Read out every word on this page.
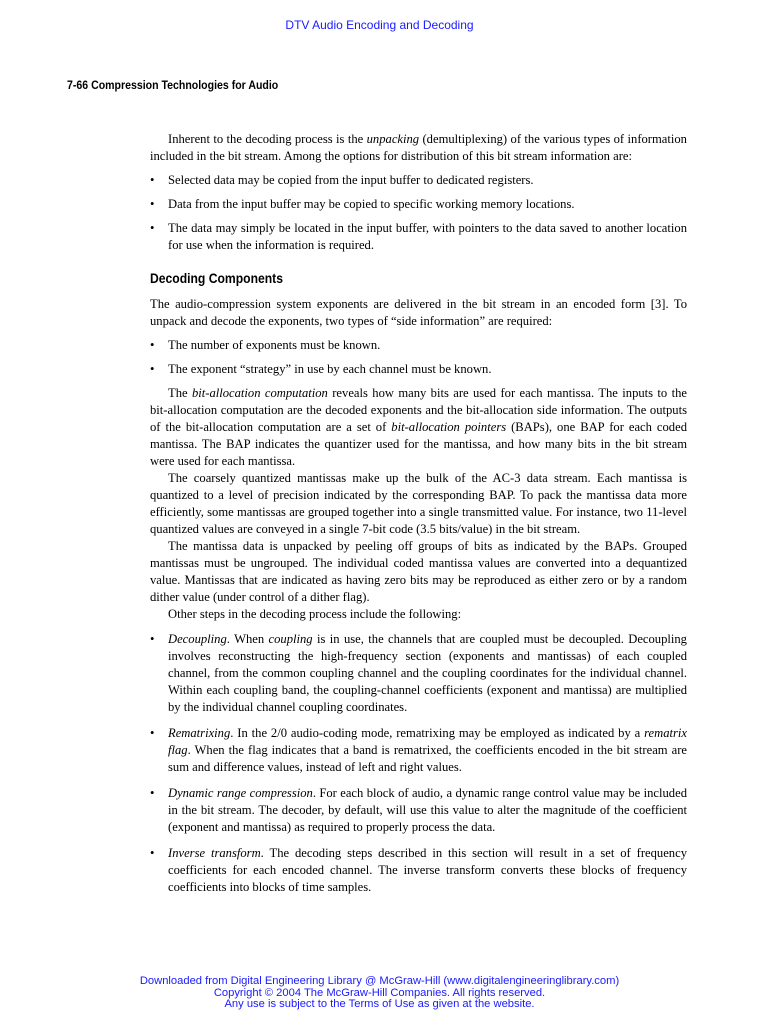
DTV Audio Encoding and Decoding
7-66 Compression Technologies for Audio

Inherent to the decoding process is the unpacking (demultiplexing) of the various types of information included in the bit stream. Among the options for distribution of this bit stream information are:

• Selected data may be copied from the input buffer to dedicated registers.
• Data from the input buffer may be copied to specific working memory locations.
• The data may simply be located in the input buffer, with pointers to the data saved to another location for use when the information is required.
Decoding Components

The audio-compression system exponents are delivered in the bit stream in an encoded form [3]. To unpack and decode the exponents, two types of “side information” are required:

• The number of exponents must be known.
• The exponent “strategy” in use by each channel must be known.

The bit-allocation computation reveals how many bits are used for each mantissa. The inputs to the bit-allocation computation are the decoded exponents and the bit-allocation side information. The outputs of the bit-allocation computation are a set of bit-allocation pointers (BAPs), one BAP for each coded mantissa. The BAP indicates the quantizer used for the mantissa, and how many bits in the bit stream were used for each mantissa.

The coarsely quantized mantissas make up the bulk of the AC-3 data stream. Each mantissa is quantized to a level of precision indicated by the corresponding BAP. To pack the mantissa data more efficiently, some mantissas are grouped together into a single transmitted value. For instance, two 11-level quantized values are conveyed in a single 7-bit code (3.5 bits/value) in the bit stream.

The mantissa data is unpacked by peeling off groups of bits as indicated by the BAPs. Grouped mantissas must be ungrouped. The individual coded mantissa values are converted into a dequantized value. Mantissas that are indicated as having zero bits may be reproduced as either zero or by a random dither value (under control of a dither flag).

Other steps in the decoding process include the following:

• Decoupling. When coupling is in use, the channels that are coupled must be decoupled. Decoupling involves reconstructing the high-frequency section (exponents and mantissas) of each coupled channel, from the common coupling channel and the coupling coordinates for the individual channel. Within each coupling band, the coupling-channel coefficients (exponent and mantissa) are multiplied by the individual channel coupling coordinates.
• Rematrixing. In the 2/0 audio-coding mode, rematrixing may be employed as indicated by a rematrix flag. When the flag indicates that a band is rematrixed, the coefficients encoded in the bit stream are sum and difference values, instead of left and right values.
• Dynamic range compression. For each block of audio, a dynamic range control value may be included in the bit stream. The decoder, by default, will use this value to alter the magnitude of the coefficient (exponent and mantissa) as required to properly process the data.
• Inverse transform. The decoding steps described in this section will result in a set of frequency coefficients for each encoded channel. The inverse transform converts these blocks of frequency coefficients into blocks of time samples.
Downloaded from Digital Engineering Library @ McGraw-Hill (www.digitalengineeringlibrary.com)
Copyright © 2004 The McGraw-Hill Companies. All rights reserved.
Any use is subject to the Terms of Use as given at the website.
